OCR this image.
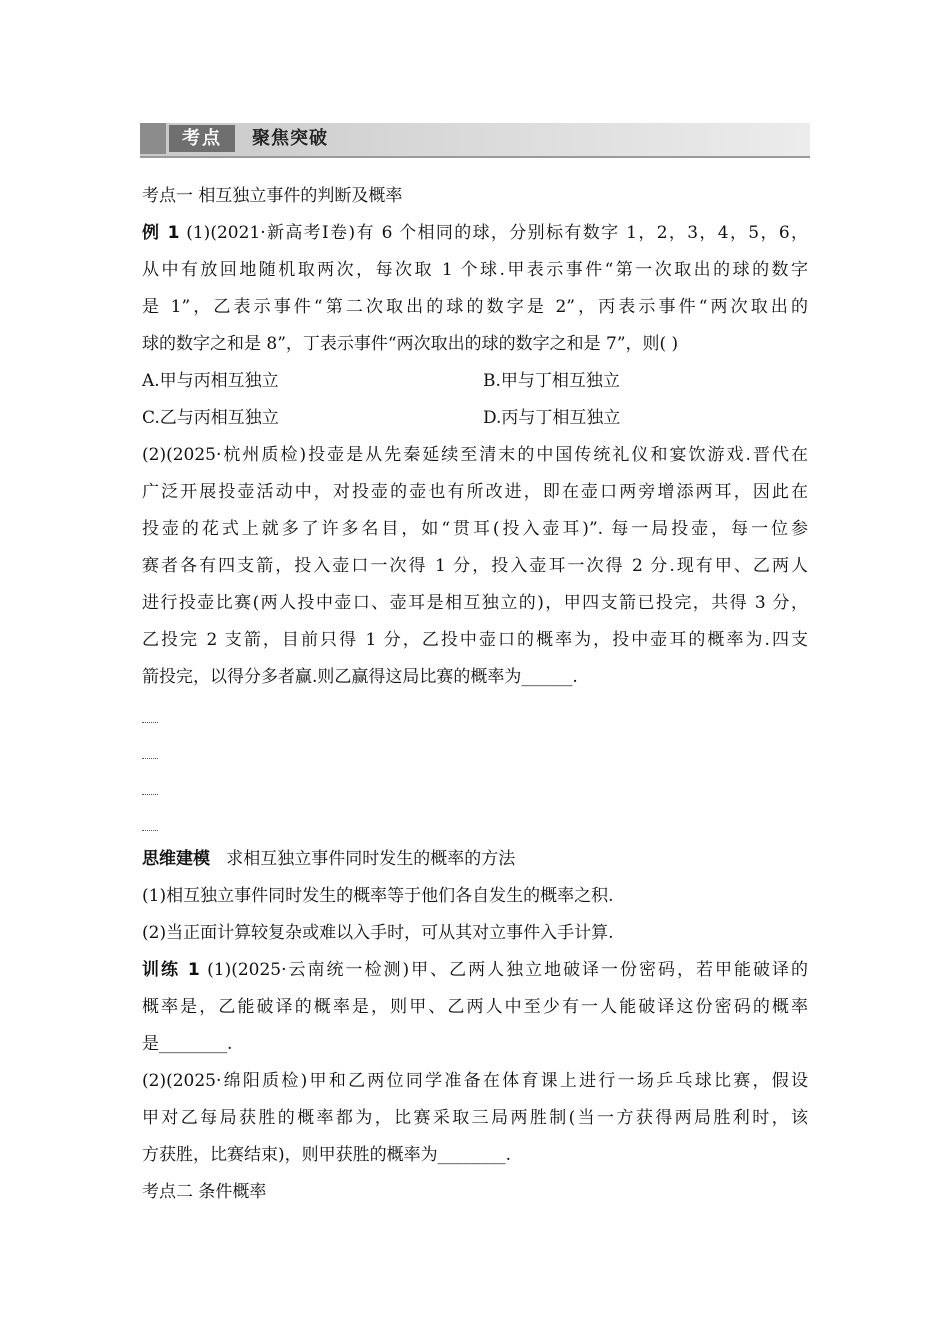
考点	聚焦突破
考点一 相互独立事件的判断及概率
例 1 (1)(2021·新高考Ⅰ卷)有 6 个相同的球，分别标有数字 1，2，3，4，5，6，
从中有放回地随机取两次，每次取 1 个球.甲表示事件“第一次取出的球的数字
是 1”，乙表示事件“第二次取出的球的数字是 2”，丙表示事件“两次取出的
球的数字之和是 8”，丁表示事件“两次取出的球的数字之和是 7”，则( )
A.甲与丙相互独立	B.甲与丁相互独立
C.乙与丙相互独立	D.丙与丁相互独立
(2)(2025·杭州质检)投壶是从先秦延续至清末的中国传统礼仪和宴饮游戏.晋代在
广泛开展投壶活动中，对投壶的壶也有所改进，即在壶口两旁增添两耳，因此在
投壶的花式上就多了许多名目，如“贯耳(投入壶耳)”. 每一局投壶，每一位参
赛者各有四支箭，投入壶口一次得 1 分，投入壶耳一次得 2 分.现有甲、乙两人
进行投壶比赛(两人投中壶口、壶耳是相互独立的)，甲四支箭已投完，共得 3 分，
乙投完 2 支箭，目前只得 1 分，乙投中壶口的概率为，投中壶耳的概率为.四支
箭投完，以得分多者赢.则乙赢得这局比赛的概率为______.
思维建模 求相互独立事件同时发生的概率的方法
(1)相互独立事件同时发生的概率等于他们各自发生的概率之积.
(2)当正面计算较复杂或难以入手时，可从其对立事件入手计算.
训练 1 (1)(2025·云南统一检测)甲、乙两人独立地破译一份密码，若甲能破译的
概率是，乙能破译的概率是，则甲、乙两人中至少有一人能破译这份密码的概率
是________.
(2)(2025·绵阳质检)甲和乙两位同学准备在体育课上进行一场乒乓球比赛，假设
甲对乙每局获胜的概率都为，比赛采取三局两胜制(当一方获得两局胜利时，该
方获胜，比赛结束)，则甲获胜的概率为________.
考点二 条件概率
